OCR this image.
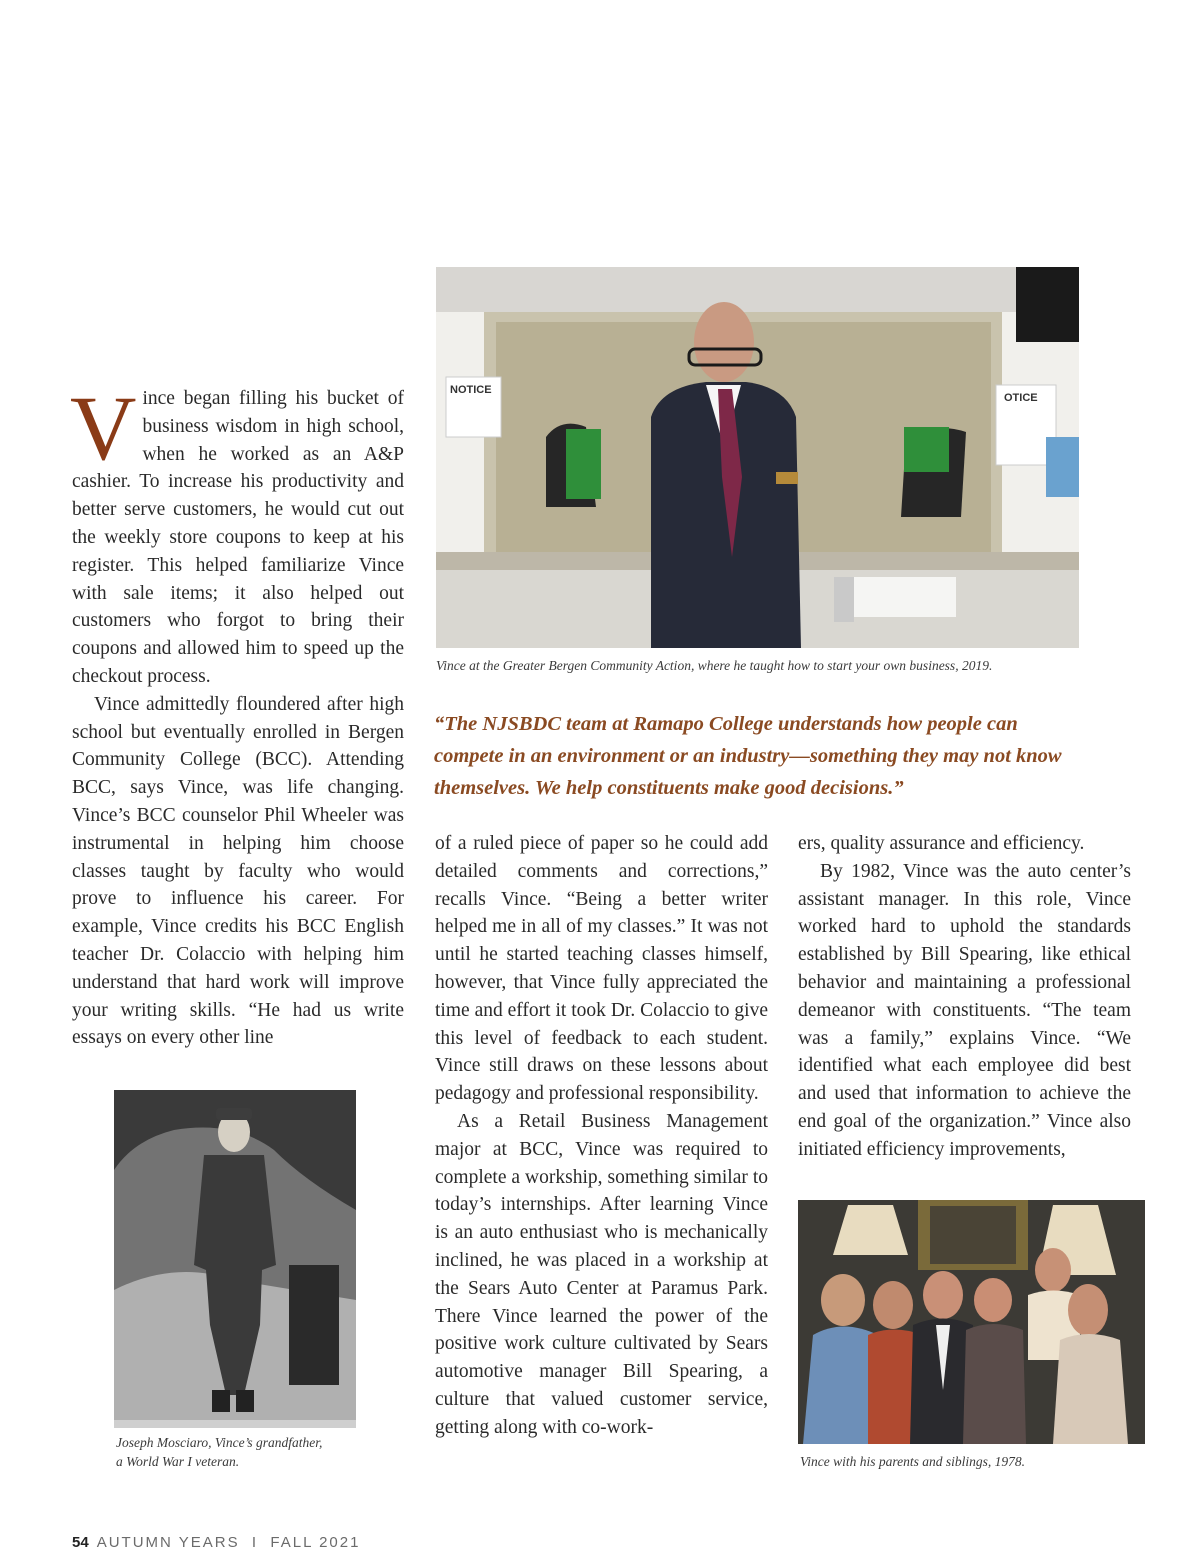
NOTICE
OTICE
Vince at the Greater Bergen Community Action, where he taught how to start your own business, 2019.

Vince began filling his bucket of business wisdom in high school, when he worked as an A&P cashier. To increase his productivity and better serve customers, he would cut out the weekly store coupons to keep at his register. This helped familiarize Vince with sale items; it also helped out customers who forgot to bring their coupons and allowed him to speed up the checkout process.

Vince admittedly floundered after high school but eventually enrolled in Bergen Community College (BCC). Attending BCC, says Vince, was life changing. Vince’s BCC counselor Phil Wheeler was instrumental in helping him choose classes taught by faculty who would prove to influence his career. For example, Vince credits his BCC English teacher Dr. Colaccio with helping him understand that hard work will improve your writing skills. “He had us write essays on every other line

“The NJSBDC team at Ramapo College understands how people can compete in an environment or an industry—something they may not know themselves. We help constituents make good decisions.”

of a ruled piece of paper so he could add detailed comments and corrections,” recalls Vince. “Being a better writer helped me in all of my classes.” It was not until he started teaching classes himself, however, that Vince fully appreciated the time and effort it took Dr. Colaccio to give this level of feedback to each student. Vince still draws on these lessons about pedagogy and professional responsibility.

As a Retail Business Management major at BCC, Vince was required to complete a workship, something similar to today’s internships. After learning Vince is an auto enthusiast who is mechanically inclined, he was placed in a workship at the Sears Auto Center at Paramus Park. There Vince learned the power of the positive work culture cultivated by Sears automotive manager Bill Spearing, a culture that valued customer service, getting along with co-work-

ers, quality assurance and efficiency.

By 1982, Vince was the auto center’s assistant manager. In this role, Vince worked hard to uphold the standards established by Bill Spearing, like ethical behavior and maintaining a professional demeanor with constituents. “The team was a family,” explains Vince. “We identified what each employee did best and used that information to achieve the end goal of the organization.” Vince also initiated efficiency improvements,

Joseph Mosciaro, Vince’s grandfather,
a World War I veteran.	Vince with his parents and siblings, 1978.
54 AUTUMN YEARS  I  FALL 2021
